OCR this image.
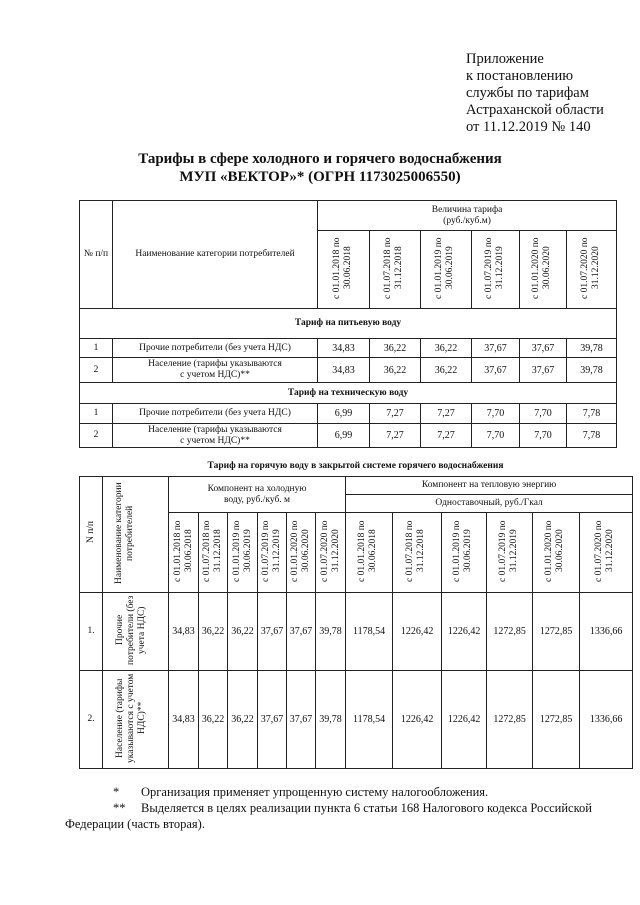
Приложение
к постановлению
службы по тарифам
Астраханской области
от 11.12.2019 № 140
Тарифы в сфере холодного и горячего водоснабжения
МУП «ВЕКТОР»* (ОГРН 1173025006550)
№ п/п	Наименование категории потребителей	Величина тарифа
(руб./куб.м)					

		с 01.01.2018 по 30.06.2018	с 01.07.2018 по 31.12.2018	с 01.01.2019 по 30.06.2019	с 01.07.2019 по 31.12.2019	с 01.01.2020 по 30.06.2020	с 01.07.2020 по 31.12.2020
Тариф на питьевую воду							
1	Прочие потребители (без учета НДС)	34,83	36,22	36,22	37,67	37,67	39,78
2	Население (тарифы указываются
с учетом НДС)**	34,83	36,22	36,22	37,67	37,67	39,78
Тариф на техническую воду							
1	Прочие потребители (без учета НДС)	6,99	7,27	7,27	7,70	7,70	7,78
2	Население (тарифы указываются
с учетом НДС)**	6,99	7,27	7,27	7,70	7,70	7,78
Тариф на горячую воду в закрытой системе горячего водоснабжения
N п/п	Наименование категории потребителей	Компонент на холодную воду, руб./куб. м						Компонент на тепловую энергию					
								Одноставочный, руб./Гкал					
		с 01.01.2018 по 30.06.2018	с 01.07.2018 по 31.12.2018	с 01.01.2019 по 30.06.2019	с 01.07.2019 по 31.12.2019	с 01.01.2020 по 30.06.2020	с 01.07.2020 по 31.12.2020	с 01.01.2018 по 30.06.2018	с 01.07.2018 по 31.12.2018	с 01.01.2019 по 30.06.2019	с 01.07.2019 по 31.12.2019	с 01.01.2020 по 30.06.2020	с 01.07.2020 по 31.12.2020
1.	Прочие потребители (без учета НДС)	34,83	36,22	36,22	37,67	37,67	39,78	1178,54	1226,42	1226,42	1272,85	1272,85	1336,66
2.	Население (тарифы указываются с учетом НДС)**	34,83	36,22	36,22	37,67	37,67	39,78	1178,54	1226,42	1226,42	1272,85	1272,85	1336,66
* Организация применяет упрощенную систему налогообложения.
** Выделяется в целях реализации пункта 6 статьи 168 Налогового кодекса Российской
Федерации (часть вторая).
